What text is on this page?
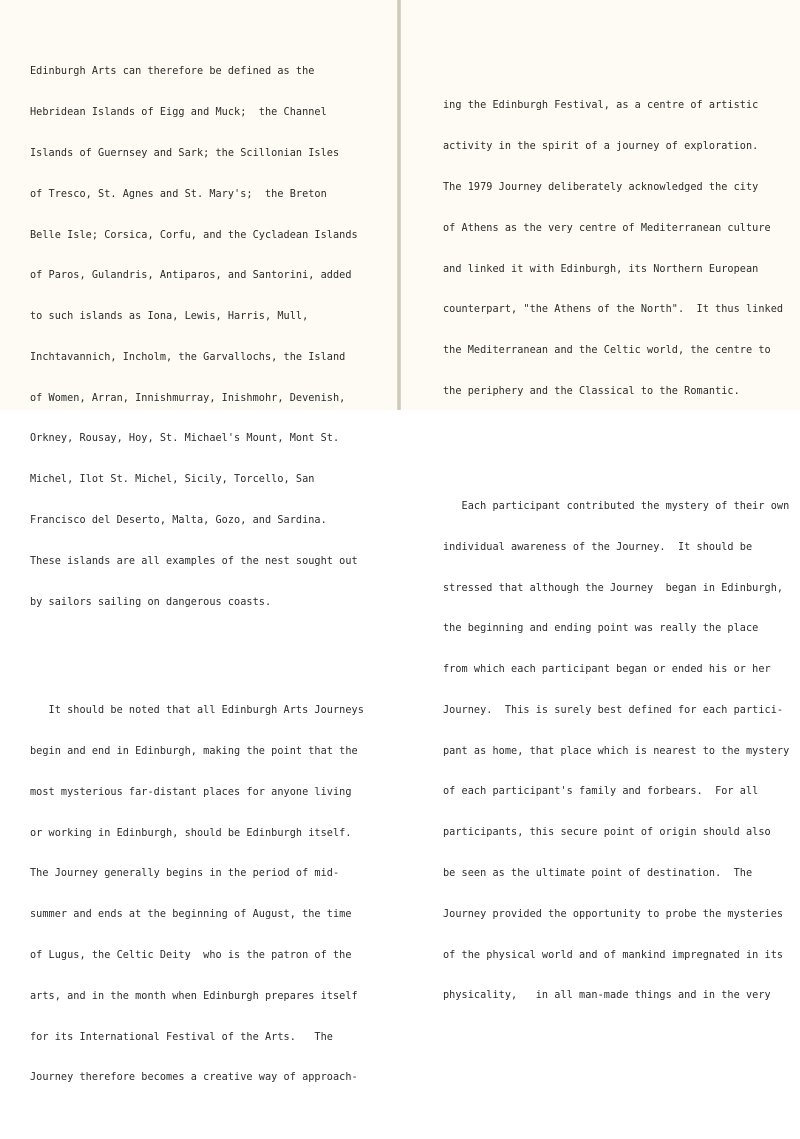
Edinburgh Arts can therefore be defined as the

Hebridean Islands of Eigg and Muck;  the Channel

Islands of Guernsey and Sark; the Scillonian Isles

of Tresco, St. Agnes and St. Mary's;  the Breton

Belle Isle; Corsica, Corfu, and the Cycladean Islands

of Paros, Gulandris, Antiparos, and Santorini, added

to such islands as Iona, Lewis, Harris, Mull,

Inchtavannich, Incholm, the Garvallochs, the Island

of Women, Arran, Innishmurray, Inishmohr, Devenish,

Orkney, Rousay, Hoy, St. Michael's Mount, Mont St.

Michel, Ilot St. Michel, Sicily, Torcello, San

Francisco del Deserto, Malta, Gozo, and Sardina.

These islands are all examples of the nest sought out

by sailors sailing on dangerous coasts.

It should be noted that all Edinburgh Arts Journeys

begin and end in Edinburgh, making the point that the

most mysterious far-distant places for anyone living

or working in Edinburgh, should be Edinburgh itself.

The Journey generally begins in the period of mid-

summer and ends at the beginning of August, the time

of Lugus, the Celtic Deity  who is the patron of the

arts, and in the month when Edinburgh prepares itself

for its International Festival of the Arts.   The

Journey therefore becomes a creative way of approach-

ing the Edinburgh Festival, as a centre of artistic

activity in the spirit of a journey of exploration.

The 1979 Journey deliberately acknowledged the city

of Athens as the very centre of Mediterranean culture

and linked it with Edinburgh, its Northern European

counterpart, "the Athens of the North".  It thus linked

the Mediterranean and the Celtic world, the centre to

the periphery and the Classical to the Romantic.

Each participant contributed the mystery of their own

individual awareness of the Journey.  It should be

stressed that although the Journey  began in Edinburgh,

the beginning and ending point was really the place

from which each participant began or ended his or her

Journey.  This is surely best defined for each partici-

pant as home, that place which is nearest to the mystery

of each participant's family and forbears.  For all

participants, this secure point of origin should also

be seen as the ultimate point of destination.  The

Journey provided the opportunity to probe the mysteries

of the physical world and of mankind impregnated in its

physicality,   in all man-made things and in the very
